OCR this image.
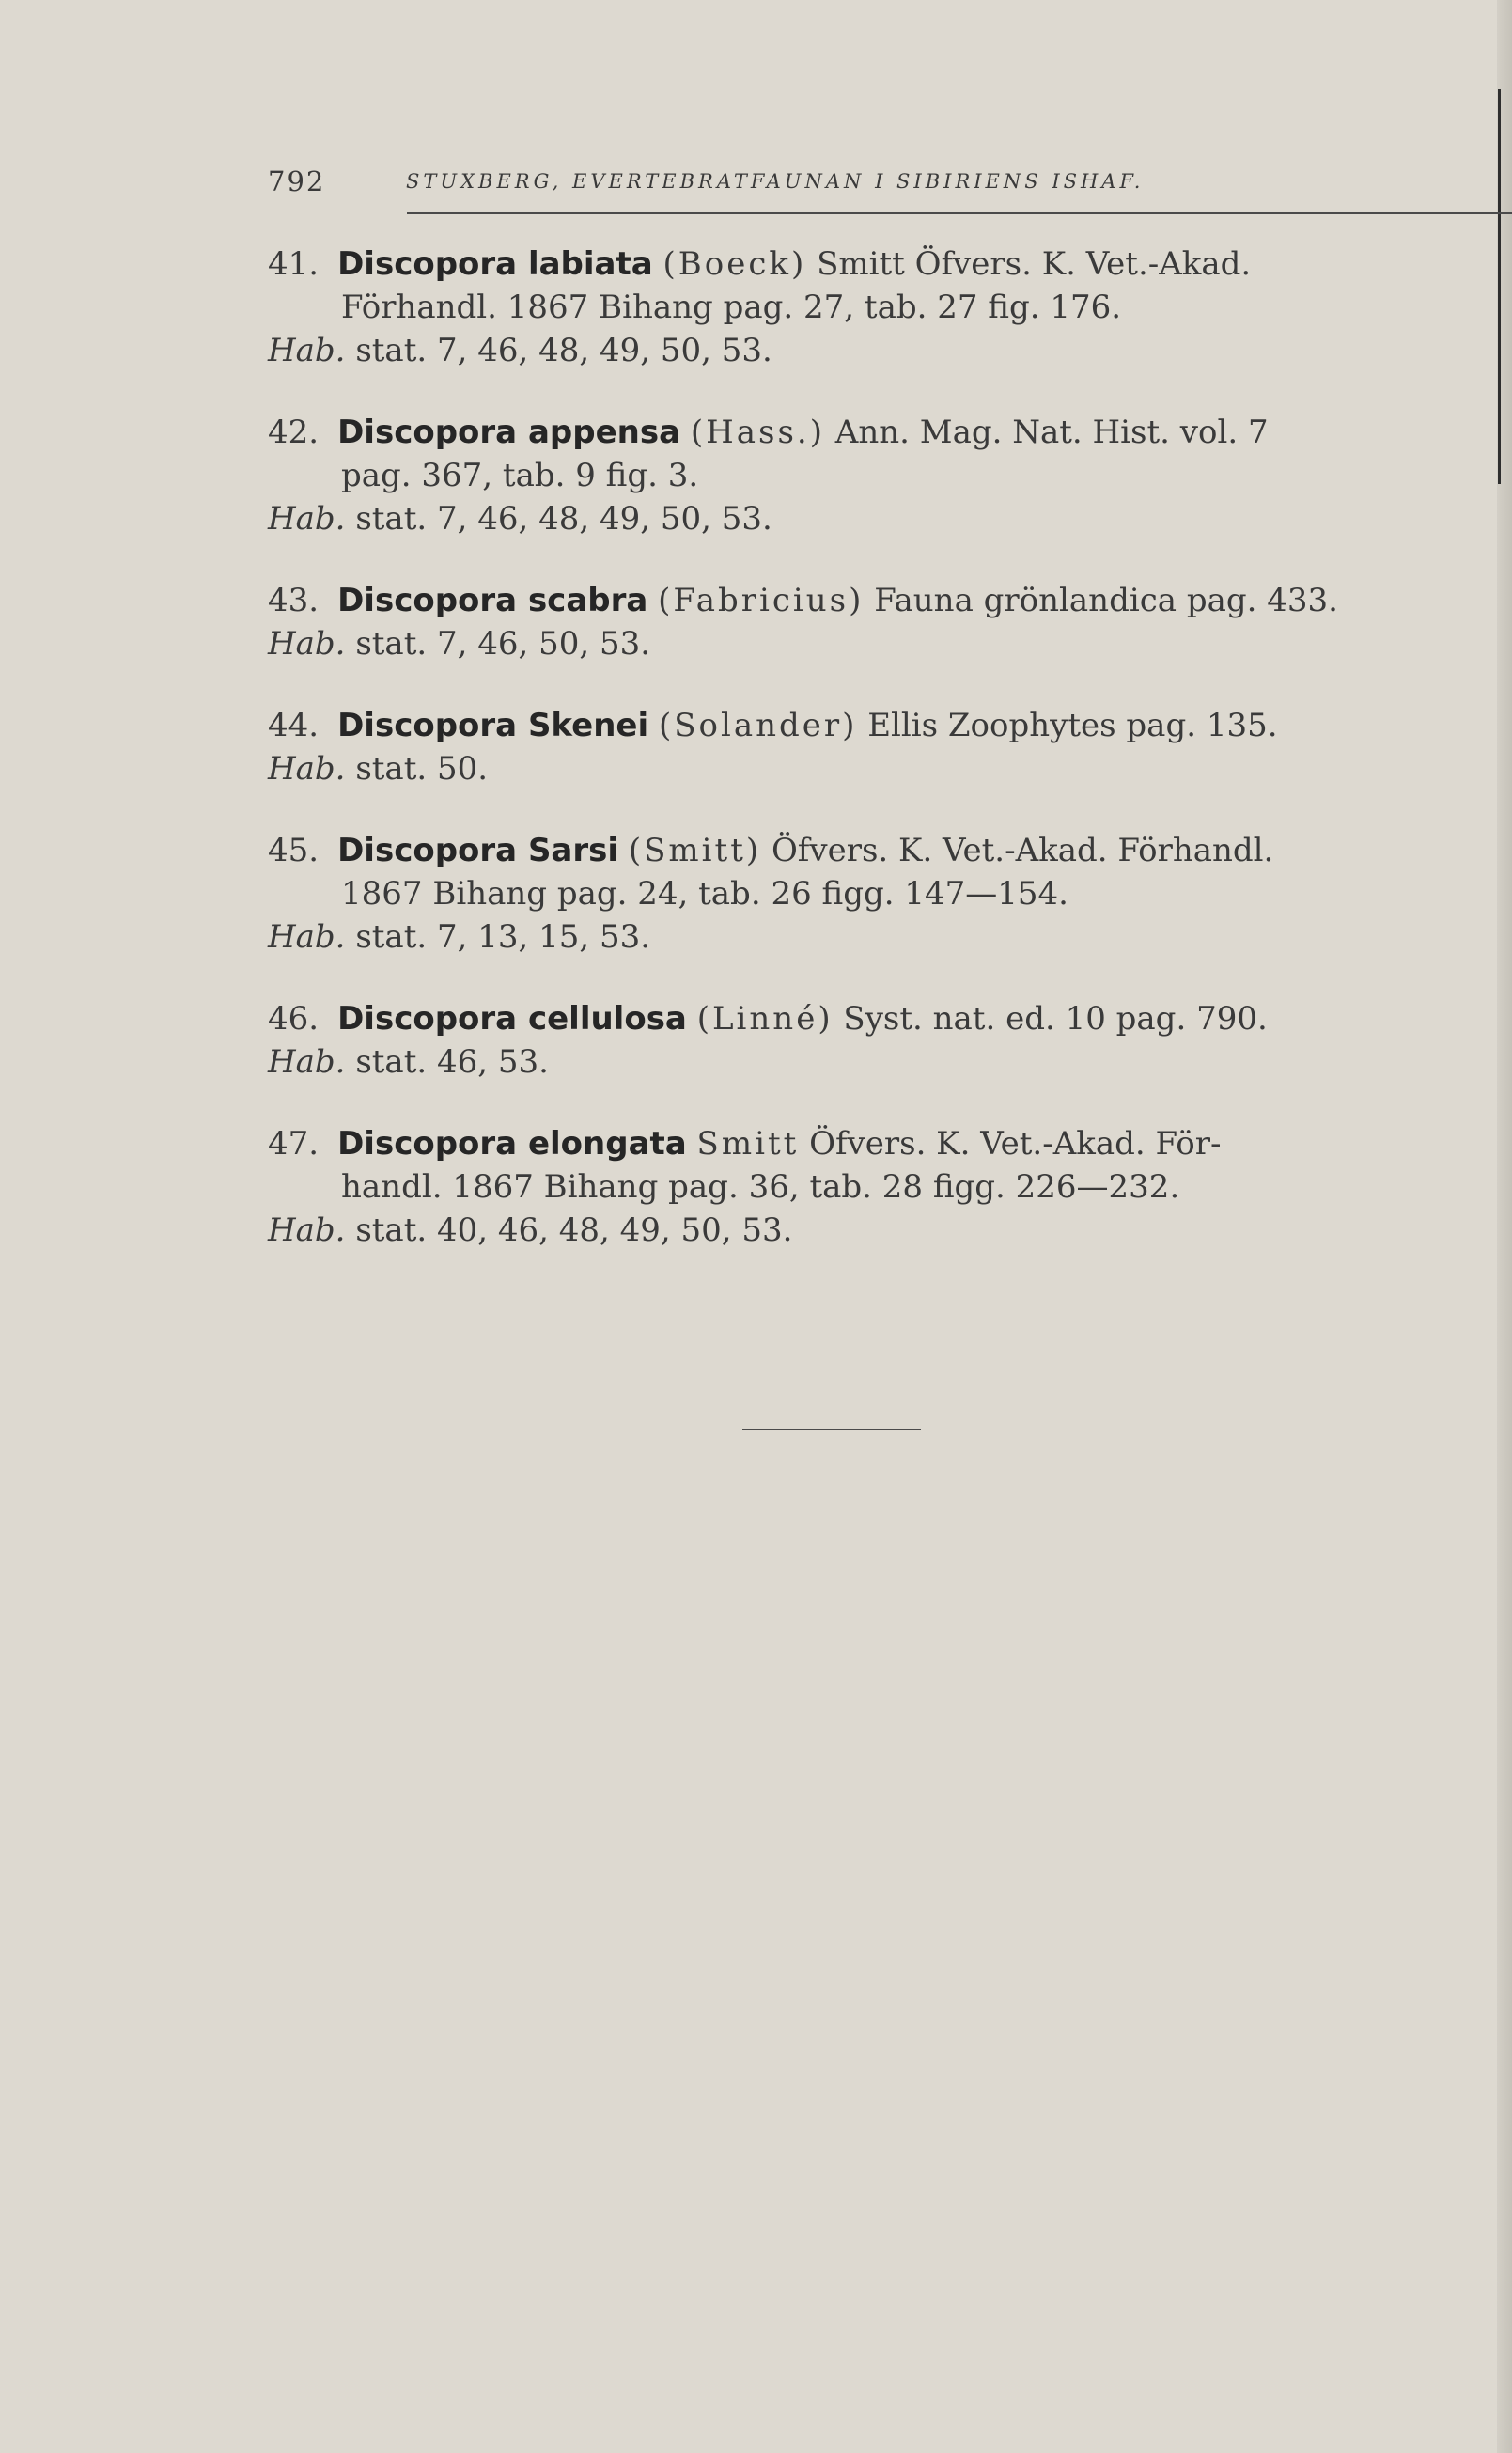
792	STUXBERG, EVERTEBRATFAUNAN I SIBIRIENS ISHAF.
41. Discopora labiata (Boeck) Smitt Öfvers. K. Vet.-Akad.
Förhandl. 1867 Bihang pag. 27, tab. 27 fig. 176.
Hab. stat. 7, 46, 48, 49, 50, 53.
42. Discopora appensa (Hass.) Ann. Mag. Nat. Hist. vol. 7
pag. 367, tab. 9 fig. 3.
Hab. stat. 7, 46, 48, 49, 50, 53.
43. Discopora scabra (Fabricius) Fauna grönlandica pag. 433.
Hab. stat. 7, 46, 50, 53.
44. Discopora Skenei (Solander) Ellis Zoophytes pag. 135.
Hab. stat. 50.
45. Discopora Sarsi (Smitt) Öfvers. K. Vet.-Akad. Förhandl.
1867 Bihang pag. 24, tab. 26 figg. 147—154.
Hab. stat. 7, 13, 15, 53.
46. Discopora cellulosa (Linné) Syst. nat. ed. 10 pag. 790.
Hab. stat. 46, 53.
47. Discopora elongata Smitt Öfvers. K. Vet.-Akad. För-
handl. 1867 Bihang pag. 36, tab. 28 figg. 226—232.
Hab. stat. 40, 46, 48, 49, 50, 53.
